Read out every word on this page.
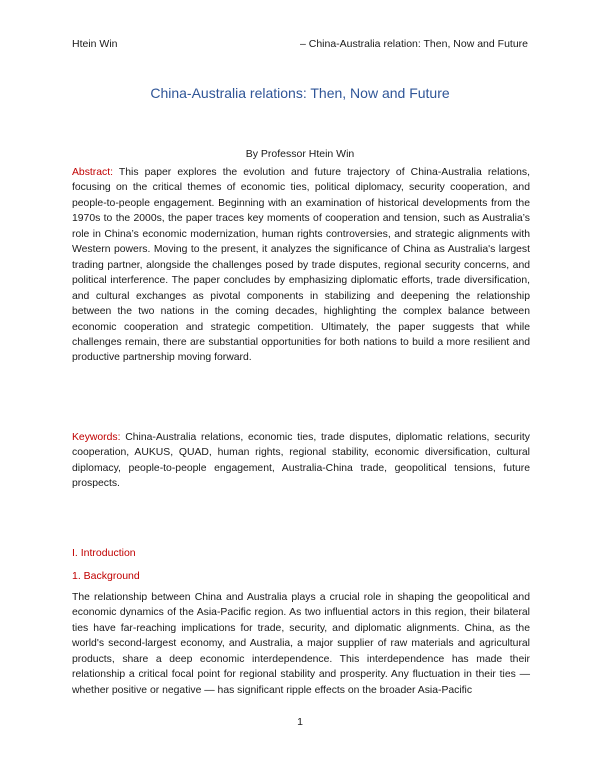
Htein Win	– China-Australia relation: Then, Now and Future
China-Australia relations: Then, Now and Future
By Professor Htein Win

Abstract: This paper explores the evolution and future trajectory of China-Australia relations, focusing on the critical themes of economic ties, political diplomacy, security cooperation, and people-to-people engagement. Beginning with an examination of historical developments from the 1970s to the 2000s, the paper traces key moments of cooperation and tension, such as Australia’s role in China’s economic modernization, human rights controversies, and strategic alignments with Western powers. Moving to the present, it analyzes the significance of China as Australia's largest trading partner, alongside the challenges posed by trade disputes, regional security concerns, and political interference. The paper concludes by emphasizing diplomatic efforts, trade diversification, and cultural exchanges as pivotal components in stabilizing and deepening the relationship between the two nations in the coming decades, highlighting the complex balance between economic cooperation and strategic competition. Ultimately, the paper suggests that while challenges remain, there are substantial opportunities for both nations to build a more resilient and productive partnership moving forward.

Keywords: China-Australia relations, economic ties, trade disputes, diplomatic relations, security cooperation, AUKUS, QUAD, human rights, regional stability, economic diversification, cultural diplomacy, people-to-people engagement, Australia-China trade, geopolitical tensions, future prospects.

I. Introduction
1. Background

The relationship between China and Australia plays a crucial role in shaping the geopolitical and economic dynamics of the Asia-Pacific region. As two influential actors in this region, their bilateral ties have far-reaching implications for trade, security, and diplomatic alignments. China, as the world's second-largest economy, and Australia, a major supplier of raw materials and agricultural products, share a deep economic interdependence. This interdependence has made their relationship a critical focal point for regional stability and prosperity. Any fluctuation in their ties — whether positive or negative — has significant ripple effects on the broader Asia-Pacific

1
